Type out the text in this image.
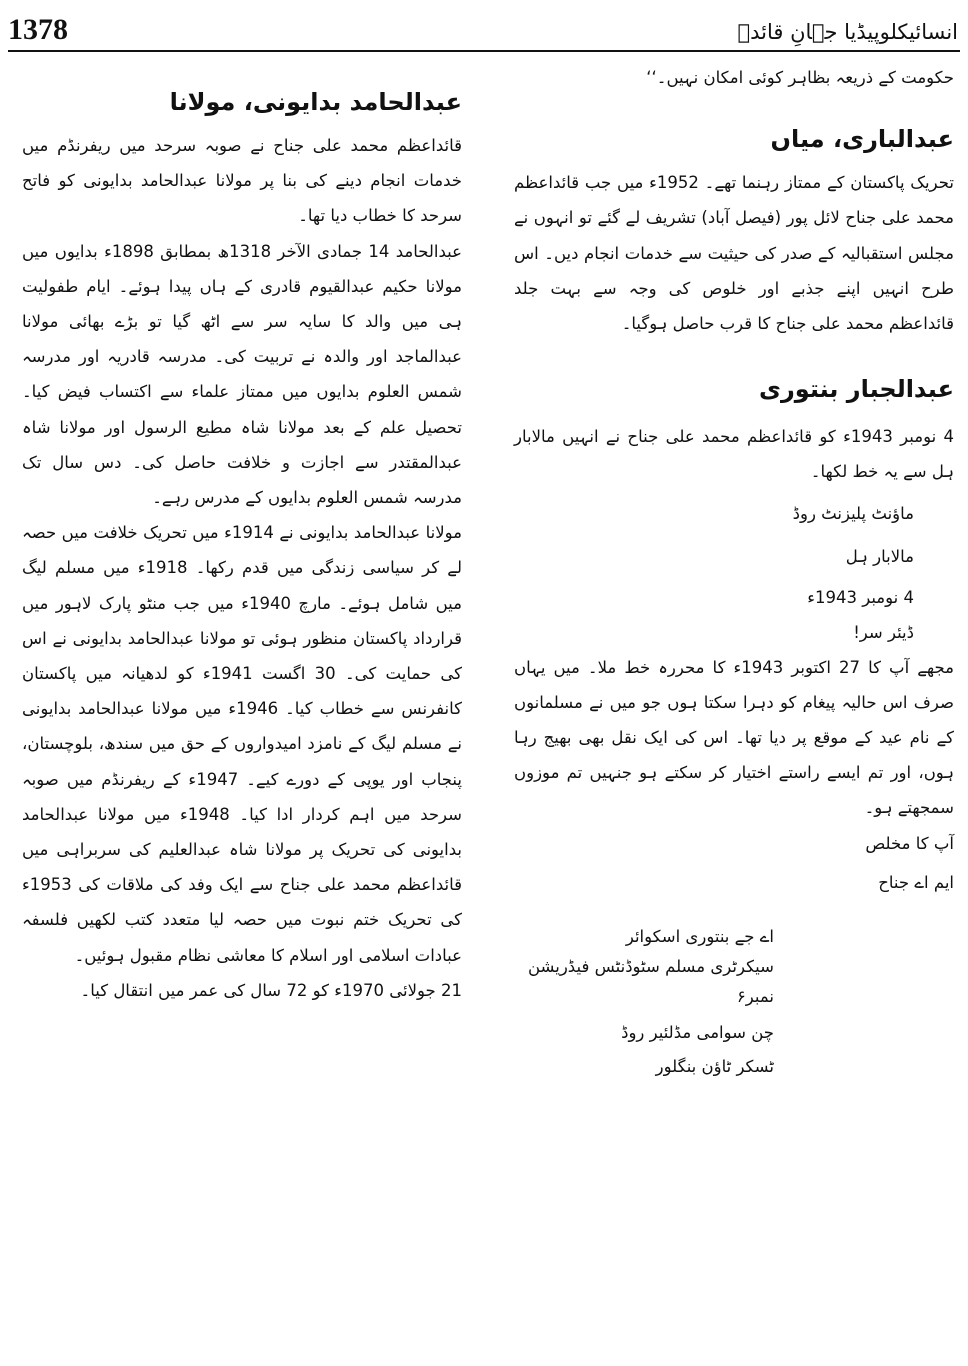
1378	انسائیکلوپیڈیا جہانِ قائدؒ

حکومت کے ذریعہ بظاہر کوئی امکان نہیں۔‘‘

عبدالباری، میاں

تحریک پاکستان کے ممتاز رہنما تھے۔ 1952ء میں جب قائداعظم محمد علی جناح لائل پور (فیصل آباد) تشریف لے گئے تو انہوں نے مجلس استقبالیہ کے صدر کی حیثیت سے خدمات انجام دیں۔ اس طرح انہیں اپنے جذبے اور خلوص کی وجہ سے بہت جلد قائداعظم محمد علی جناح کا قرب حاصل ہوگیا۔

عبدالجبار بنتوری

4 نومبر 1943ء کو قائداعظم محمد علی جناح نے انہیں مالابار ہل سے یہ خط لکھا۔

ماؤنٹ پلیزنٹ روڈ

مالابار ہل

4 نومبر 1943ء

ڈیئر سر!

مجھے آپ کا 27 اکتوبر 1943ء کا محررہ خط ملا۔ میں یہاں صرف اس حالیہ پیغام کو دہرا سکتا ہوں جو میں نے مسلمانوں کے نام عید کے موقع پر دیا تھا۔ اس کی ایک نقل بھی بھیج رہا ہوں، اور تم ایسے راستے اختیار کر سکتے ہو جنہیں تم موزوں سمجھتے ہو۔

آپ کا مخلص

ایم اے جناح

اے جے بنتوری اسکوائر

سیکرٹری مسلم سٹوڈنٹس فیڈریشن نمبر۶

چن سوامی مڈلئیر روڈ

ٹسکر ٹاؤن بنگلور

عبدالحامد بدایونی، مولانا

قائداعظم محمد علی جناح نے صوبہ سرحد میں ریفرنڈم میں خدمات انجام دینے کی بنا پر مولانا عبدالحامد بدایونی کو فاتح سرحد کا خطاب دیا تھا۔

عبدالحامد 14 جمادی الآخر 1318ھ بمطابق 1898ء بدایوں میں مولانا حکیم عبدالقیوم قادری کے ہاں پیدا ہوئے۔ ایام طفولیت ہی میں والد کا سایہ سر سے اٹھ گیا تو بڑے بھائی مولانا عبدالماجد اور والدہ نے تربیت کی۔ مدرسہ قادریہ اور مدرسہ شمس العلوم بدایوں میں ممتاز علماء سے اکتساب فیض کیا۔ تحصیل علم کے بعد مولانا شاہ مطیع الرسول اور مولانا شاہ عبدالمقتدر سے اجازت و خلافت حاصل کی۔ دس سال تک مدرسہ شمس العلوم بدایوں کے مدرس رہے۔

مولانا عبدالحامد بدایونی نے 1914ء میں تحریک خلافت میں حصہ لے کر سیاسی زندگی میں قدم رکھا۔ 1918ء میں مسلم لیگ میں شامل ہوئے۔ مارچ 1940ء میں جب منٹو پارک لاہور میں قرارداد پاکستان منظور ہوئی تو مولانا عبدالحامد بدایونی نے اس کی حمایت کی۔ 30 اگست 1941ء کو لدھیانہ میں پاکستان کانفرنس سے خطاب کیا۔ 1946ء میں مولانا عبدالحامد بدایونی نے مسلم لیگ کے نامزد امیدواروں کے حق میں سندھ، بلوچستان، پنجاب اور یوپی کے دورے کیے۔ 1947ء کے ریفرنڈم میں صوبہ سرحد میں اہم کردار ادا کیا۔ 1948ء میں مولانا عبدالحامد بدایونی کی تحریک پر مولانا شاہ عبدالعلیم کی سربراہی میں قائداعظم محمد علی جناح سے ایک وفد کی ملاقات کی 1953ء کی تحریک ختم نبوت میں حصہ لیا متعدد کتب لکھیں فلسفہ عبادات اسلامی اور اسلام کا معاشی نظام مقبول ہوئیں۔

21 جولائی 1970ء کو 72 سال کی عمر میں انتقال کیا۔
